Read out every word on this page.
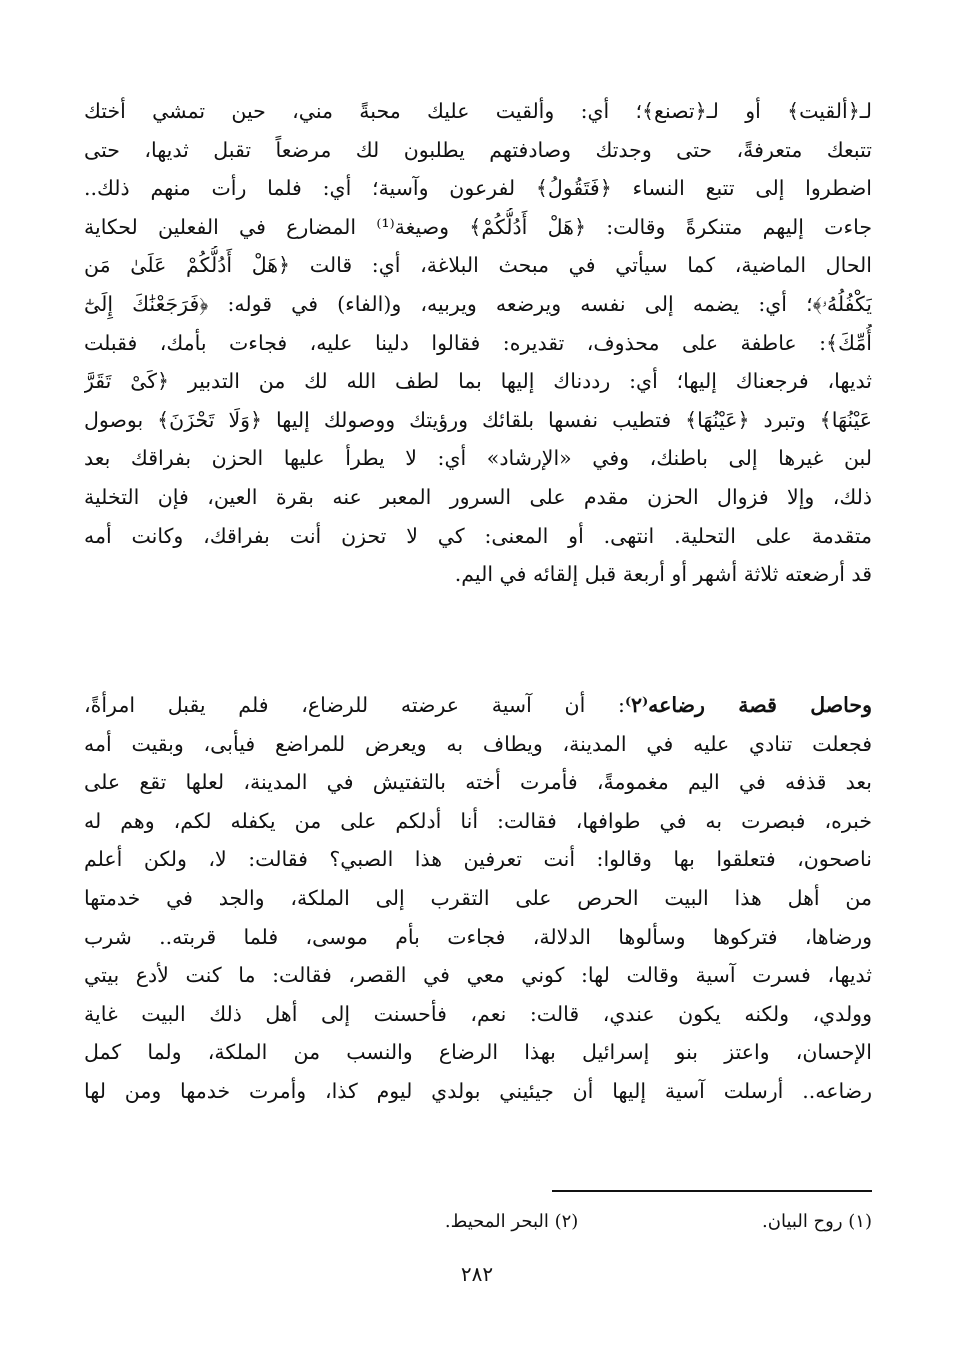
لـ﴿ألقيت﴾ أو لـ﴿تصنع﴾؛ أي: وألقيت عليك محبةً مني، حين تمشي أختك
تتبعك متعرفةً، حتى وجدتك وصادفتهم يطلبون لك مرضعاً تقبل ثديها، حتى
اضطروا إلى تتبع النساء ﴿فَتَقُولُ﴾ لفرعون وآسية؛ أي: فلما رأت منهم ذلك..
جاءت إليهم متنكرةً وقالت: ﴿هَلْ أَدُلُّكُمْ﴾ وصيغة⁽¹⁾ المضارع في الفعلين لحكاية
الحال الماضية، كما سيأتي في مبحث البلاغة، أي: قالت ﴿هَلْ أَدُلُّكُمْ عَلَىٰ مَن
يَكْفُلُهُۥ﴾؛ أي: يضمه إلى نفسه ويرضعه ويربيه، و(الفاء) في قوله: ﴿فَرَجَعْنَٰكَ إِلَىٰٓ
أُمِّكَ﴾: عاطفة على محذوف، تقديره: فقالوا دلينا عليه، فجاءت بأمك، فقبلت
ثديها، فرجعناك إليها؛ أي: رددناك إليها بما لطف الله لك من التدبير ﴿كَىْ تَقَرَّ
عَيْنُهَا﴾ وتبرد ﴿عَيْنُهَا﴾ فتطيب نفسها بلقائك ورؤيتك ووصولك إليها ﴿وَلَا تَحْزَنَ﴾ بوصول
لبن غيرها إلى باطنك، وفي «الإرشاد» أي: لا يطرأ عليها الحزن بفراقك بعد
ذلك، وإلا فزوال الحزن مقدم على السرور المعبر عنه بقرة العين، فإن التخلية
متقدمة على التحلية. انتهى. أو المعنى: كي لا تحزن أنت بفراقك، وكانت أمه
قد أرضعته ثلاثة أشهر أو أربعة قبل إلقائه في اليم.
وحاصل قصة رضاعه⁽٢⁾: أن آسية عرضته للرضاع، فلم يقبل امرأةً،
فجعلت تنادي عليه في المدينة، ويطاف به ويعرض للمراضع فيأبى، وبقيت أمه
بعد قذفه في اليم مغمومةً، فأمرت أخته بالتفتيش في المدينة، لعلها تقع على
خبره، فبصرت به في طوافها، فقالت: أنا أدلكم على من يكفله لكم، وهم له
ناصحون، فتعلقوا بها وقالوا: أنت تعرفين هذا الصبي؟ فقالت: لا، ولكن أعلم
من أهل هذا البيت الحرص على التقرب إلى الملكة، والجد في خدمتها
ورضاها، فتركوها وسألوها الدلالة، فجاءت بأم موسى، فلما قربته.. شرب
ثديها، فسرت آسية وقالت لها: كوني معي في القصر، فقالت: ما كنت لأدع بيتي
وولدي، ولكنه يكون عندي، قالت: نعم، فأحسنت إلى أهل ذلك البيت غاية
الإحسان، واعتز بنو إسرائيل بهذا الرضاع والنسب من الملكة، ولما كمل
رضاعه.. أرسلت آسية إليها أن جيئيني بولدي ليوم كذا، وأمرت خدمها ومن لها
(١) روح البيان. (٢) البحر المحيط.
٢٨٢
